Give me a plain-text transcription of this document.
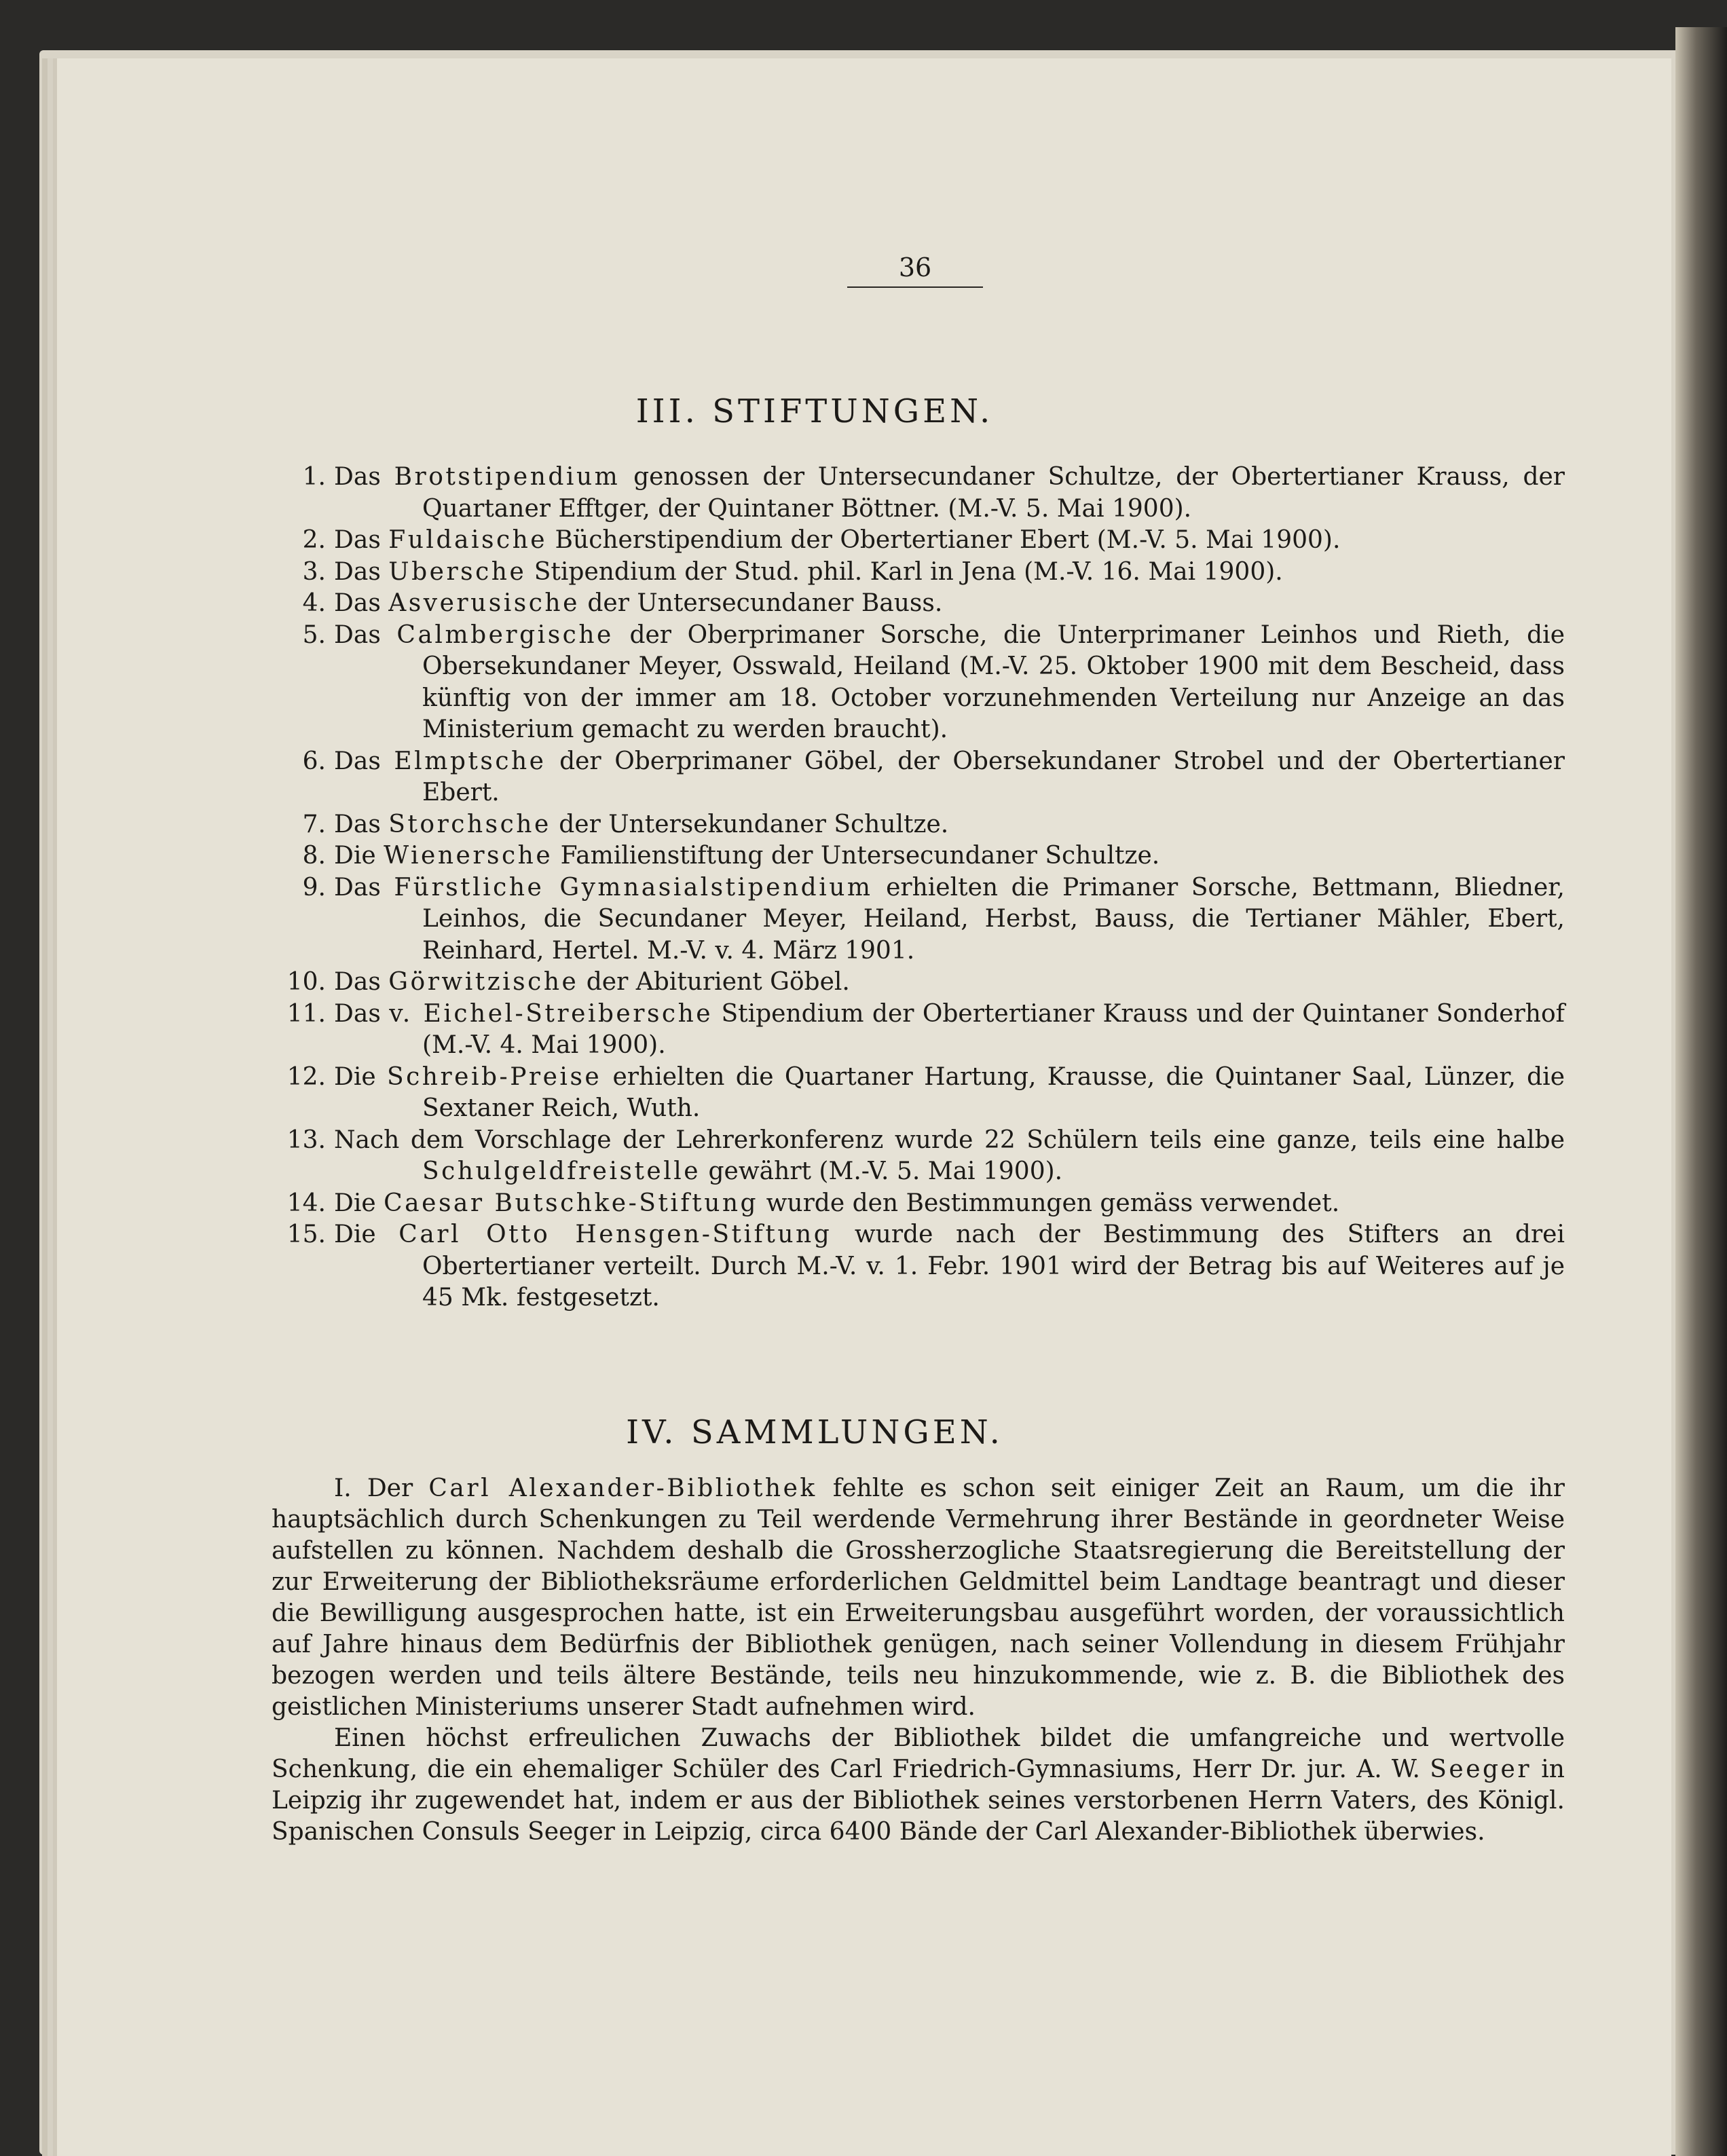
36
III. STIFTUNGEN.
1. Das Brotstipendium genossen der Untersecundaner Schultze, der Obertertianer Krauss, der Quartaner Efftger, der Quintaner Böttner. (M.-V. 5. Mai 1900).
2. Das Fuldaische Bücherstipendium der Obertertianer Ebert (M.-V. 5. Mai 1900).
3. Das Ubersche Stipendium der Stud. phil. Karl in Jena (M.-V. 16. Mai 1900).
4. Das Asverusische der Untersecundaner Bauss.
5. Das Calmbergische der Oberprimaner Sorsche, die Unterprimaner Leinhos und Rieth, die Obersekundaner Meyer, Osswald, Heiland (M.-V. 25. Oktober 1900 mit dem Bescheid, dass künftig von der immer am 18. October vorzunehmenden Verteilung nur Anzeige an das Ministerium gemacht zu werden braucht).
6. Das Elmptsche der Oberprimaner Göbel, der Obersekundaner Strobel und der Obertertianer Ebert.
7. Das Storchsche der Untersekundaner Schultze.
8. Die Wienersche Familienstiftung der Untersecundaner Schultze.
9. Das Fürstliche Gymnasialstipendium erhielten die Primaner Sorsche, Bettmann, Bliedner, Leinhos, die Secundaner Meyer, Heiland, Herbst, Bauss, die Tertianer Mähler, Ebert, Reinhard, Hertel. M.-V. v. 4. März 1901.
10. Das Görwitzische der Abiturient Göbel.
11. Das v. Eichel-Streibersche Stipendium der Obertertianer Krauss und der Quintaner Sonderhof (M.-V. 4. Mai 1900).
12. Die Schreib-Preise erhielten die Quartaner Hartung, Krausse, die Quintaner Saal, Lünzer, die Sextaner Reich, Wuth.
13. Nach dem Vorschlage der Lehrerkonferenz wurde 22 Schülern teils eine ganze, teils eine halbe Schulgeldfreistelle gewährt (M.-V. 5. Mai 1900).
14. Die Caesar Butschke-Stiftung wurde den Bestimmungen gemäss verwendet.
15. Die Carl Otto Hensgen-Stiftung wurde nach der Bestimmung des Stifters an drei Obertertianer verteilt. Durch M.-V. v. 1. Febr. 1901 wird der Betrag bis auf Weiteres auf je 45 Mk. festgesetzt.
IV. SAMMLUNGEN.

I. Der Carl Alexander-Bibliothek fehlte es schon seit einiger Zeit an Raum, um die ihr hauptsächlich durch Schenkungen zu Teil werdende Vermehrung ihrer Bestände in geordneter Weise aufstellen zu können. Nachdem deshalb die Grossherzogliche Staatsregierung die Bereitstellung der zur Erweiterung der Bibliotheksräume erforderlichen Geldmittel beim Landtage beantragt und dieser die Bewilligung ausgesprochen hatte, ist ein Erweiterungsbau ausgeführt worden, der voraussichtlich auf Jahre hinaus dem Bedürfnis der Bibliothek genügen, nach seiner Vollendung in diesem Frühjahr bezogen werden und teils ältere Bestände, teils neu hinzukommende, wie z. B. die Bibliothek des geistlichen Ministeriums unserer Stadt aufnehmen wird.

Einen höchst erfreulichen Zuwachs der Bibliothek bildet die umfangreiche und wertvolle Schenkung, die ein ehemaliger Schüler des Carl Friedrich-Gymnasiums, Herr Dr. jur. A. W. Seeger in Leipzig ihr zugewendet hat, indem er aus der Bibliothek seines verstorbenen Herrn Vaters, des Königl. Spanischen Consuls Seeger in Leipzig, circa 6400 Bände der Carl Alexander-Bibliothek überwies.
